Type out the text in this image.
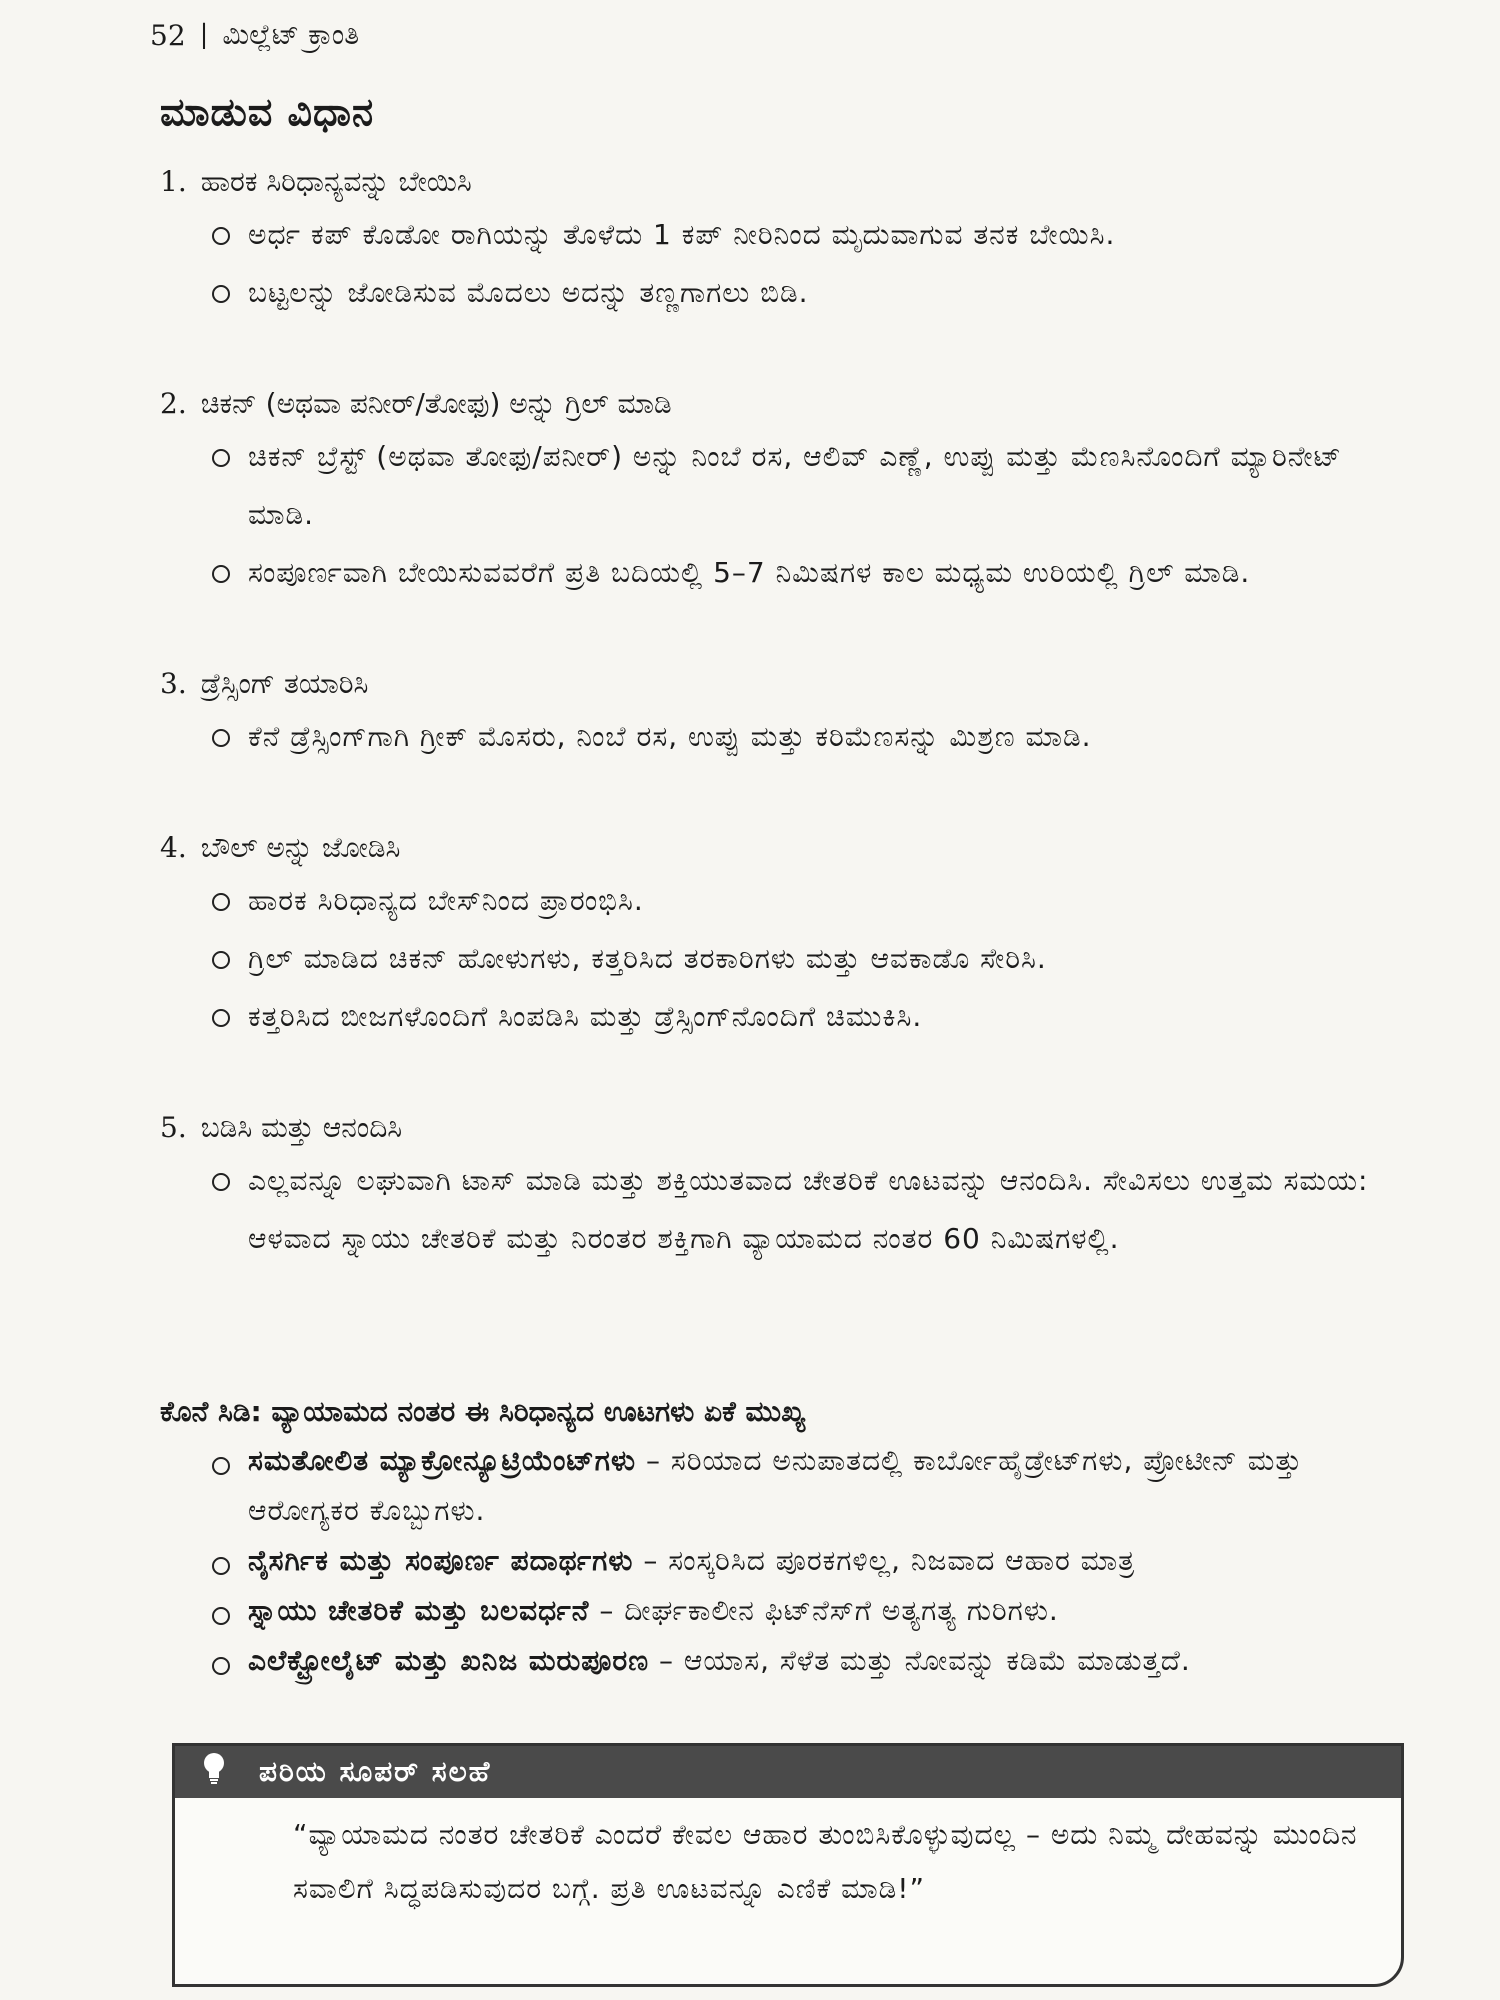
52 | ಮಿಲ್ಲೆಟ್ ಕ್ರಾಂತಿ
ಮಾಡುವ ವಿಧಾನ
1. ಹಾರಕ ಸಿರಿಧಾನ್ಯವನ್ನು ಬೇಯಿಸಿ
ಅರ್ಧ ಕಪ್ ಕೊಡೋ ರಾಗಿಯನ್ನು ತೊಳೆದು 1 ಕಪ್ ನೀರಿನಿಂದ ಮೃದುವಾಗುವ ತನಕ ಬೇಯಿಸಿ.
ಬಟ್ಟಲನ್ನು ಜೋಡಿಸುವ ಮೊದಲು ಅದನ್ನು ತಣ್ಣಗಾಗಲು ಬಿಡಿ.
2. ಚಿಕನ್ (ಅಥವಾ ಪನೀರ್/ತೋಫು) ಅನ್ನು ಗ್ರಿಲ್ ಮಾಡಿ
ಚಿಕನ್ ಬ್ರೆಸ್ಟ್ (ಅಥವಾ ತೋಫು/ಪನೀರ್) ಅನ್ನು ನಿಂಬೆ ರಸ, ಆಲಿವ್ ಎಣ್ಣೆ, ಉಪ್ಪು ಮತ್ತು ಮೆಣಸಿನೊಂದಿಗೆ ಮ್ಯಾರಿನೇಟ್ ಮಾಡಿ.
ಸಂಪೂರ್ಣವಾಗಿ ಬೇಯಿಸುವವರೆಗೆ ಪ್ರತಿ ಬದಿಯಲ್ಲಿ 5–7 ನಿಮಿಷಗಳ ಕಾಲ ಮಧ್ಯಮ ಉರಿಯಲ್ಲಿ ಗ್ರಿಲ್ ಮಾಡಿ.
3. ಡ್ರೆಸ್ಸಿಂಗ್ ತಯಾರಿಸಿ
ಕೆನೆ ಡ್ರೆಸ್ಸಿಂಗ್‌ಗಾಗಿ ಗ್ರೀಕ್ ಮೊಸರು, ನಿಂಬೆ ರಸ, ಉಪ್ಪು ಮತ್ತು ಕರಿಮೆಣಸನ್ನು ಮಿಶ್ರಣ ಮಾಡಿ.
4. ಬೌಲ್ ಅನ್ನು ಜೋಡಿಸಿ
ಹಾರಕ ಸಿರಿಧಾನ್ಯದ ಬೇಸ್‌ನಿಂದ ಪ್ರಾರಂಭಿಸಿ.
ಗ್ರಿಲ್ ಮಾಡಿದ ಚಿಕನ್ ಹೋಳುಗಳು, ಕತ್ತರಿಸಿದ ತರಕಾರಿಗಳು ಮತ್ತು ಆವಕಾಡೊ ಸೇರಿಸಿ.
ಕತ್ತರಿಸಿದ ಬೀಜಗಳೊಂದಿಗೆ ಸಿಂಪಡಿಸಿ ಮತ್ತು ಡ್ರೆಸ್ಸಿಂಗ್‌ನೊಂದಿಗೆ ಚಿಮುಕಿಸಿ.
5. ಬಡಿಸಿ ಮತ್ತು ಆನಂದಿಸಿ
ಎಲ್ಲವನ್ನೂ ಲಘುವಾಗಿ ಟಾಸ್ ಮಾಡಿ ಮತ್ತು ಶಕ್ತಿಯುತವಾದ ಚೇತರಿಕೆ ಊಟವನ್ನು ಆನಂದಿಸಿ. ಸೇವಿಸಲು ಉತ್ತಮ ಸಮಯ: ಆಳವಾದ ಸ್ನಾಯು ಚೇತರಿಕೆ ಮತ್ತು ನಿರಂತರ ಶಕ್ತಿಗಾಗಿ ವ್ಯಾಯಾಮದ ನಂತರ 60 ನಿಮಿಷಗಳಲ್ಲಿ.
ಕೊನೆ ಸಿಡಿ: ವ್ಯಾಯಾಮದ ನಂತರ ಈ ಸಿರಿಧಾನ್ಯದ ಊಟಗಳು ಏಕೆ ಮುಖ್ಯ
ಸಮತೋಲಿತ ಮ್ಯಾಕ್ರೋನ್ಯೂಟ್ರಿಯೆಂಟ್‌ಗಳು – ಸರಿಯಾದ ಅನುಪಾತದಲ್ಲಿ ಕಾರ್ಬೋಹೈಡ್ರೇಟ್‌ಗಳು, ಪ್ರೋಟೀನ್ ಮತ್ತು ಆರೋಗ್ಯಕರ ಕೊಬ್ಬುಗಳು.
ನೈಸರ್ಗಿಕ ಮತ್ತು ಸಂಪೂರ್ಣ ಪದಾರ್ಥಗಳು – ಸಂಸ್ಕರಿಸಿದ ಪೂರಕಗಳಿಲ್ಲ, ನಿಜವಾದ ಆಹಾರ ಮಾತ್ರ
ಸ್ನಾಯು ಚೇತರಿಕೆ ಮತ್ತು ಬಲವರ್ಧನೆ – ದೀರ್ಘಕಾಲೀನ ಫಿಟ್‌ನೆಸ್‌ಗೆ ಅತ್ಯಗತ್ಯ ಗುರಿಗಳು.
ಎಲೆಕ್ಟ್ರೋಲೈಟ್ ಮತ್ತು ಖನಿಜ ಮರುಪೂರಣ – ಆಯಾಸ, ಸೆಳೆತ ಮತ್ತು ನೋವನ್ನು ಕಡಿಮೆ ಮಾಡುತ್ತದೆ.
ಪರಿಯ ಸೂಪರ್ ಸಲಹೆ
“ವ್ಯಾಯಾಮದ ನಂತರ ಚೇತರಿಕೆ ಎಂದರೆ ಕೇವಲ ಆಹಾರ ತುಂಬಿಸಿಕೊಳ್ಳುವುದಲ್ಲ – ಅದು ನಿಮ್ಮ ದೇಹವನ್ನು ಮುಂದಿನ ಸವಾಲಿಗೆ ಸಿದ್ಧಪಡಿಸುವುದರ ಬಗ್ಗೆ. ಪ್ರತಿ ಊಟವನ್ನೂ ಎಣಿಕೆ ಮಾಡಿ!”
